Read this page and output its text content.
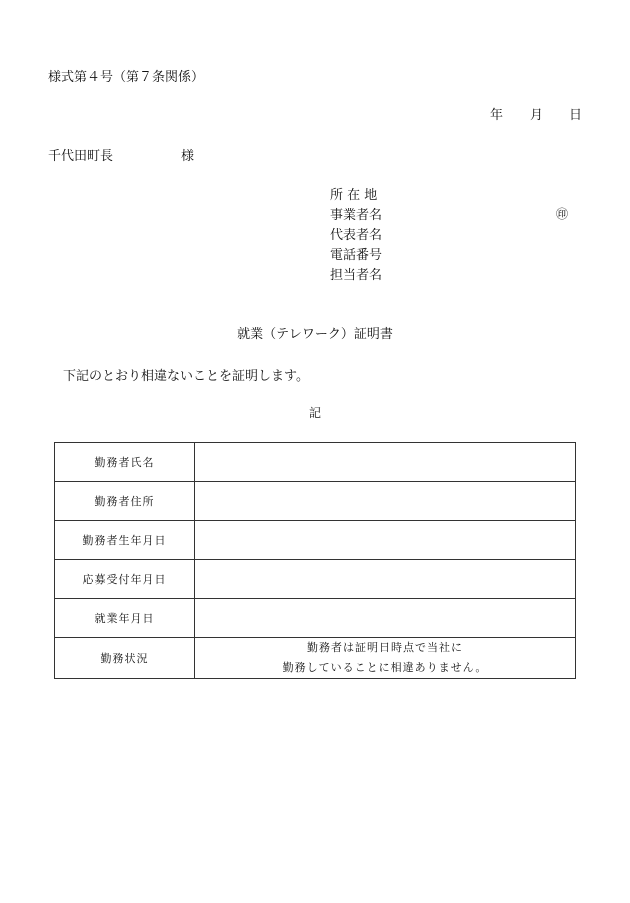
様式第４号（第７条関係）
年 月 日
千代田町長	様
所 在 地
事業者名
代表者名
電話番号
担当者名
㊞
就業（テレワーク）証明書
下記のとおり相違ないことを証明します。
記
勤務者氏名	
勤務者住所	
勤務者生年月日	
応募受付年月日	
就業年月日	
勤務状況	勤務者は証明日時点で当社に
勤務していることに相違ありません。
